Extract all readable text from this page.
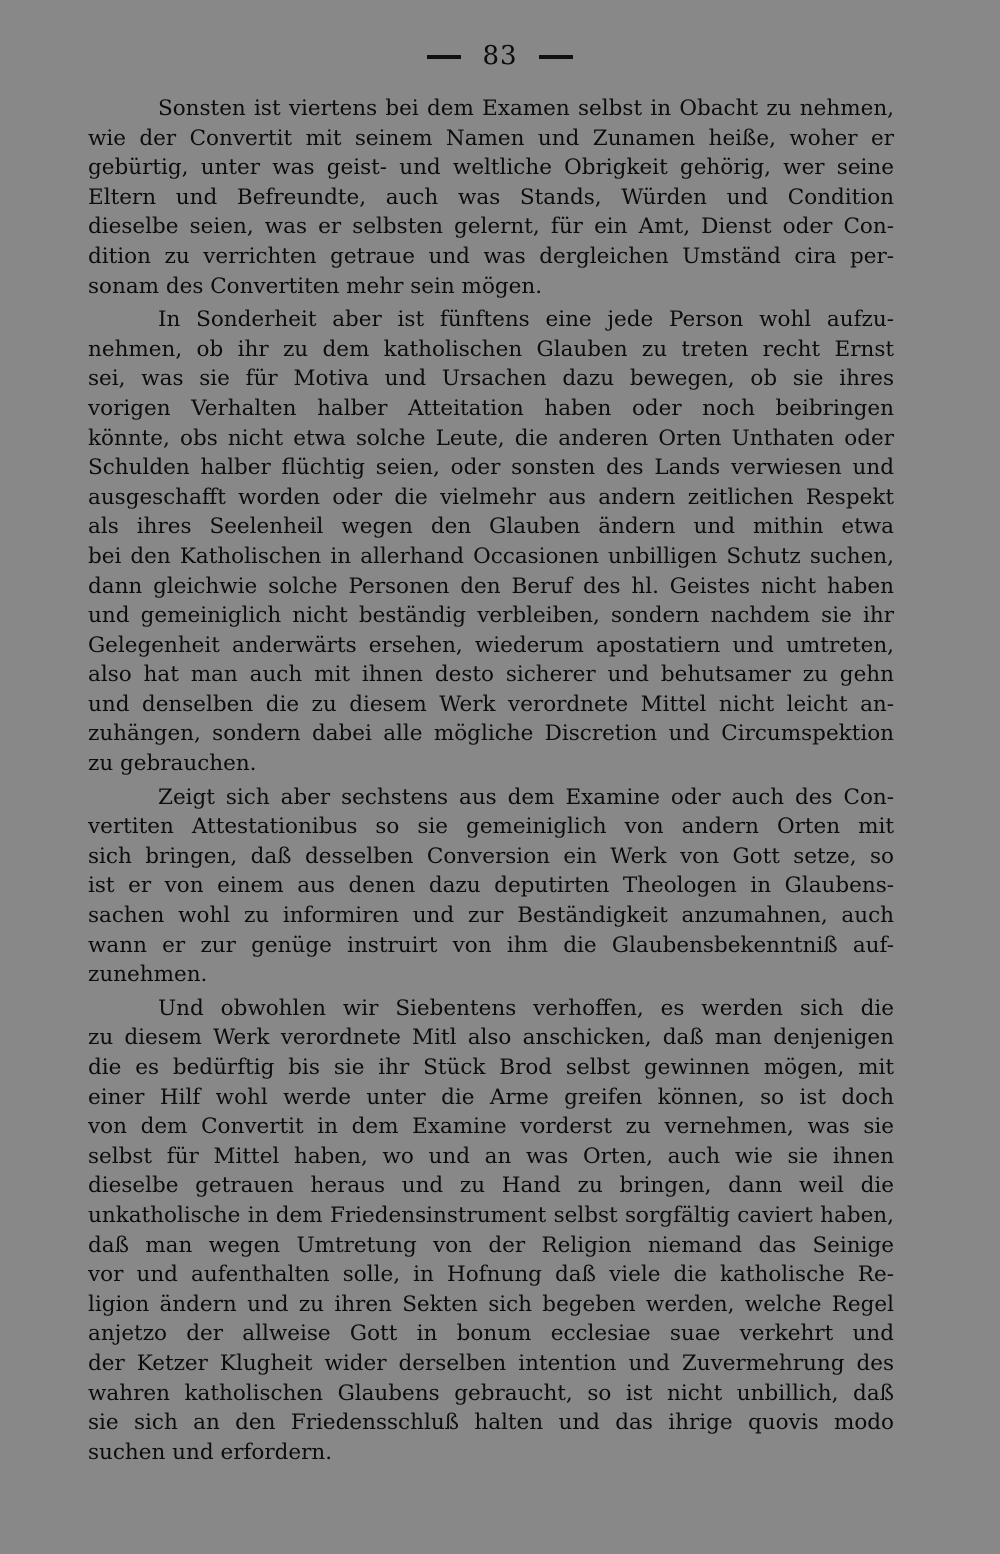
83
Sonsten ist viertens bei dem Examen selbst in Obacht zu nehmen,
wie der Convertit mit seinem Namen und Zunamen heiße, woher er
gebürtig, unter was geist- und weltliche Obrigkeit gehörig, wer seine
Eltern und Befreundte, auch was Stands, Würden und Condition
dieselbe seien, was er selbsten gelernt, für ein Amt, Dienst oder Con-
dition zu verrichten getraue und was dergleichen Umständ cira per-
sonam des Convertiten mehr sein mögen.
In Sonderheit aber ist fünftens eine jede Person wohl aufzu-
nehmen, ob ihr zu dem katholischen Glauben zu treten recht Ernst
sei, was sie für Motiva und Ursachen dazu bewegen, ob sie ihres
vorigen Verhalten halber Atteitation haben oder noch beibringen
könnte, obs nicht etwa solche Leute, die anderen Orten Unthaten oder
Schulden halber flüchtig seien, oder sonsten des Lands verwiesen und
ausgeschafft worden oder die vielmehr aus andern zeitlichen Respekt
als ihres Seelenheil wegen den Glauben ändern und mithin etwa
bei den Katholischen in allerhand Occasionen unbilligen Schutz suchen,
dann gleichwie solche Personen den Beruf des hl. Geistes nicht haben
und gemeiniglich nicht beständig verbleiben, sondern nachdem sie ihr
Gelegenheit anderwärts ersehen, wiederum apostatiern und umtreten,
also hat man auch mit ihnen desto sicherer und behutsamer zu gehn
und denselben die zu diesem Werk verordnete Mittel nicht leicht an-
zuhängen, sondern dabei alle mögliche Discretion und Circumspektion
zu gebrauchen.
Zeigt sich aber sechstens aus dem Examine oder auch des Con-
vertiten Attestationibus so sie gemeiniglich von andern Orten mit
sich bringen, daß desselben Conversion ein Werk von Gott setze, so
ist er von einem aus denen dazu deputirten Theologen in Glaubens-
sachen wohl zu informiren und zur Beständigkeit anzumahnen, auch
wann er zur genüge instruirt von ihm die Glaubensbekenntniß auf-
zunehmen.
Und obwohlen wir Siebentens verhoffen, es werden sich die
zu diesem Werk verordnete Mitl also anschicken, daß man denjenigen
die es bedürftig bis sie ihr Stück Brod selbst gewinnen mögen, mit
einer Hilf wohl werde unter die Arme greifen können, so ist doch
von dem Convertit in dem Examine vorderst zu vernehmen, was sie
selbst für Mittel haben, wo und an was Orten, auch wie sie ihnen
dieselbe getrauen heraus und zu Hand zu bringen, dann weil die
unkatholische in dem Friedensinstrument selbst sorgfältig caviert haben,
daß man wegen Umtretung von der Religion niemand das Seinige
vor und aufenthalten solle, in Hofnung daß viele die katholische Re-
ligion ändern und zu ihren Sekten sich begeben werden, welche Regel
anjetzo der allweise Gott in bonum ecclesiae suae verkehrt und
der Ketzer Klugheit wider derselben intention und Zuvermehrung des
wahren katholischen Glaubens gebraucht, so ist nicht unbillich, daß
sie sich an den Friedensschluß halten und das ihrige quovis modo
suchen und erfordern.
